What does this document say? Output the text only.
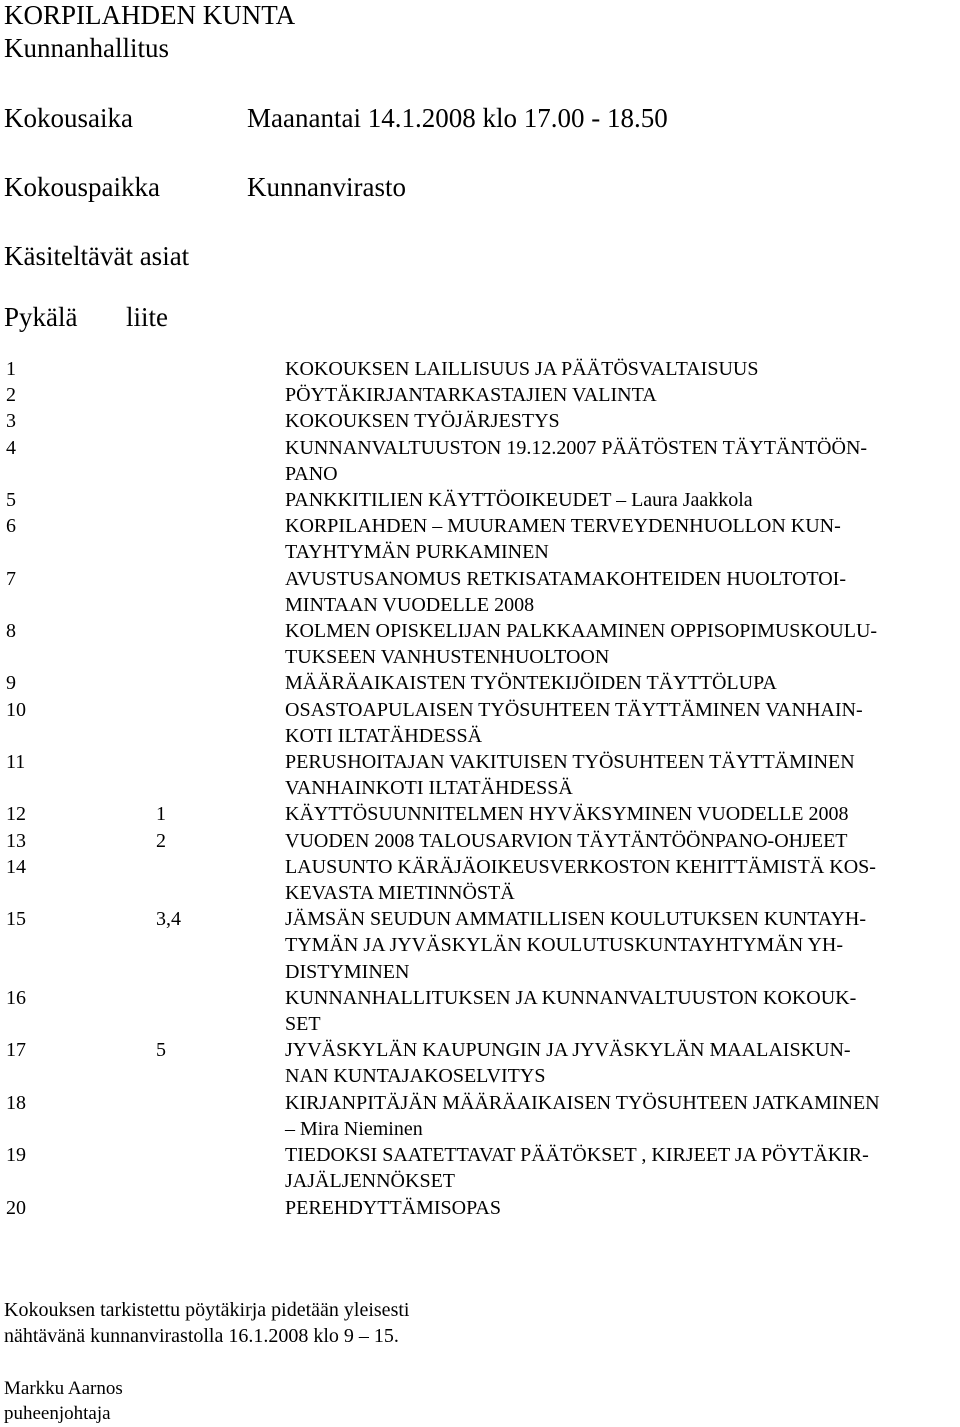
KORPILAHDEN KUNTA
Kunnanhallitus
Kokousaika	Maanantai 14.1.2008 klo 17.00 - 18.50
Kokouspaikka	Kunnanvirasto
Käsiteltävät asiat
Pykälä liite
1	KOKOUKSEN LAILLISUUS JA PÄÄTÖSVALTAISUUS
2	PÖYTÄKIRJANTARKASTAJIEN VALINTA
3	KOKOUKSEN TYÖJÄRJESTYS
4	KUNNANVALTUUSTON 19.12.2007 PÄÄTÖSTEN TÄYTÄNTÖÖN-
PANO
5	PANKKITILIEN KÄYTTÖOIKEUDET – Laura Jaakkola
6	KORPILAHDEN – MUURAMEN TERVEYDENHUOLLON KUN-
TAYHTYMÄN PURKAMINEN
7	AVUSTUSANOMUS RETKISATAMAKOHTEIDEN HUOLTOTOI-
MINTAAN VUODELLE 2008
8	KOLMEN OPISKELIJAN PALKKAAMINEN OPPISOPIMUSKOULU-
TUKSEEN VANHUSTENHUOLTOON
9	MÄÄRÄAIKAISTEN TYÖNTEKIJÖIDEN TÄYTTÖLUPA
10	OSASTOAPULAISEN TYÖSUHTEEN TÄYTTÄMINEN VANHAIN-
KOTI ILTATÄHDESSÄ
11	PERUSHOITAJAN VAKITUISEN TYÖSUHTEEN TÄYTTÄMINEN
VANHAINKOTI ILTATÄHDESSÄ
12	1	KÄYTTÖSUUNNITELMEN HYVÄKSYMINEN VUODELLE 2008
13	2	VUODEN 2008 TALOUSARVION TÄYTÄNTÖÖNPANO-OHJEET
14	LAUSUNTO KÄRÄJÄOIKEUSVERKOSTON KEHITTÄMISTÄ KOS-
KEVASTA MIETINNÖSTÄ
15	3,4	JÄMSÄN SEUDUN AMMATILLISEN KOULUTUKSEN KUNTAYH-
TYMÄN JA JYVÄSKYLÄN KOULUTUSKUNTAYHTYMÄN YH-
DISTYMINEN
16	KUNNANHALLITUKSEN JA KUNNANVALTUUSTON KOKOUK-
SET
17	5	JYVÄSKYLÄN KAUPUNGIN JA JYVÄSKYLÄN MAALAISKUN-
NAN KUNTAJAKOSELVITYS
18	KIRJANPITÄJÄN MÄÄRÄAIKAISEN TYÖSUHTEEN JATKAMINEN
– Mira Nieminen
19	TIEDOKSI SAATETTAVAT PÄÄTÖKSET , KIRJEET JA PÖYTÄKIR-
JAJÄLJENNÖKSET
20	PEREHDYTTÄMISOPAS
Kokouksen tarkistettu pöytäkirja pidetään yleisesti
nähtävänä kunnanvirastolla 16.1.2008 klo 9 – 15.
Markku Aarnos
puheenjohtaja
